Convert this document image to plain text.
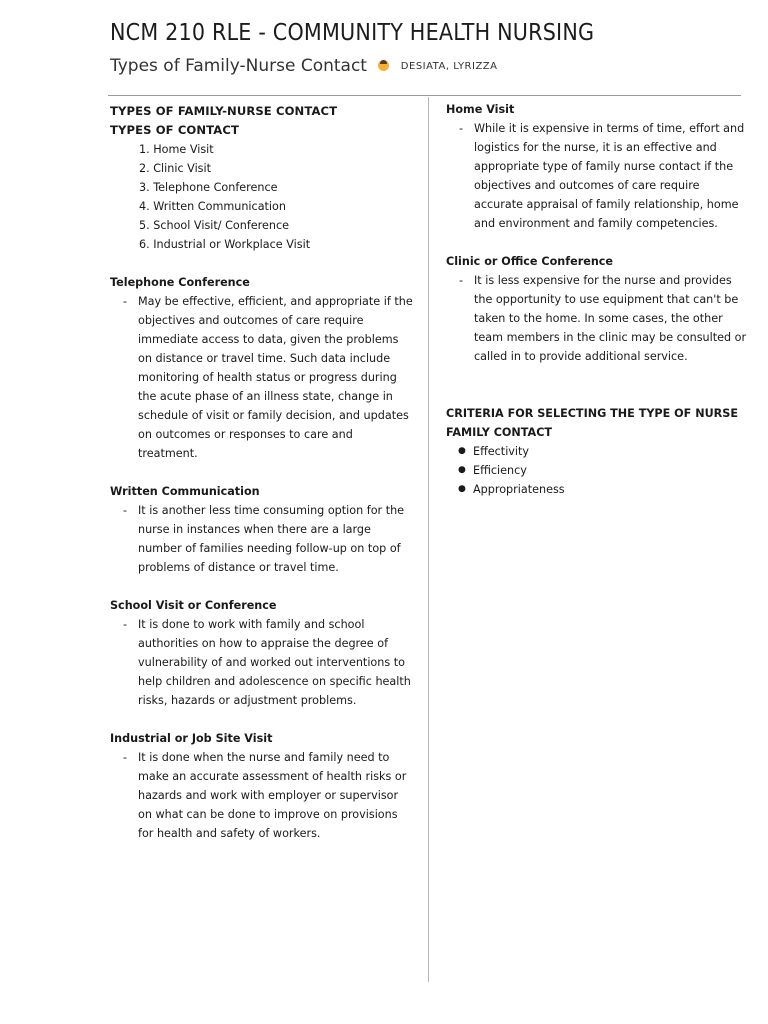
NCM 210 RLE - COMMUNITY HEALTH NURSING
Types of Family-Nurse Contact	DESIATA, LYRIZZA
TYPES OF FAMILY-NURSE CONTACT
TYPES OF CONTACT
1. Home Visit
2. Clinic Visit
3. Telephone Conference
4. Written Communication
5. School Visit/ Conference
6. Industrial or Workplace Visit
Telephone Conference
- May be effective, efficient, and appropriate if the objectives and outcomes of care require immediate access to data, given the problems on distance or travel time. Such data include monitoring of health status or progress during the acute phase of an illness state, change in schedule of visit or family decision, and updates on outcomes or responses to care and treatment.
Written Communication
- It is another less time consuming option for the nurse in instances when there are a large number of families needing follow-up on top of problems of distance or travel time.
School Visit or Conference
- It is done to work with family and school authorities on how to appraise the degree of vulnerability of and worked out interventions to help children and adolescence on specific health risks, hazards or adjustment problems.
Industrial or Job Site Visit
- It is done when the nurse and family need to make an accurate assessment of health risks or hazards and work with employer or supervisor on what can be done to improve on provisions for health and safety of workers.
Home Visit
- While it is expensive in terms of time, effort and logistics for the nurse, it is an effective and appropriate type of family nurse contact if the objectives and outcomes of care require accurate appraisal of family relationship, home and environment and family competencies.
Clinic or Office Conference
- It is less expensive for the nurse and provides the opportunity to use equipment that can't be taken to the home. In some cases, the other team members in the clinic may be consulted or called in to provide additional service.
CRITERIA FOR SELECTING THE TYPE OF NURSE
FAMILY CONTACT
● Effectivity
● Efficiency
● Appropriateness
